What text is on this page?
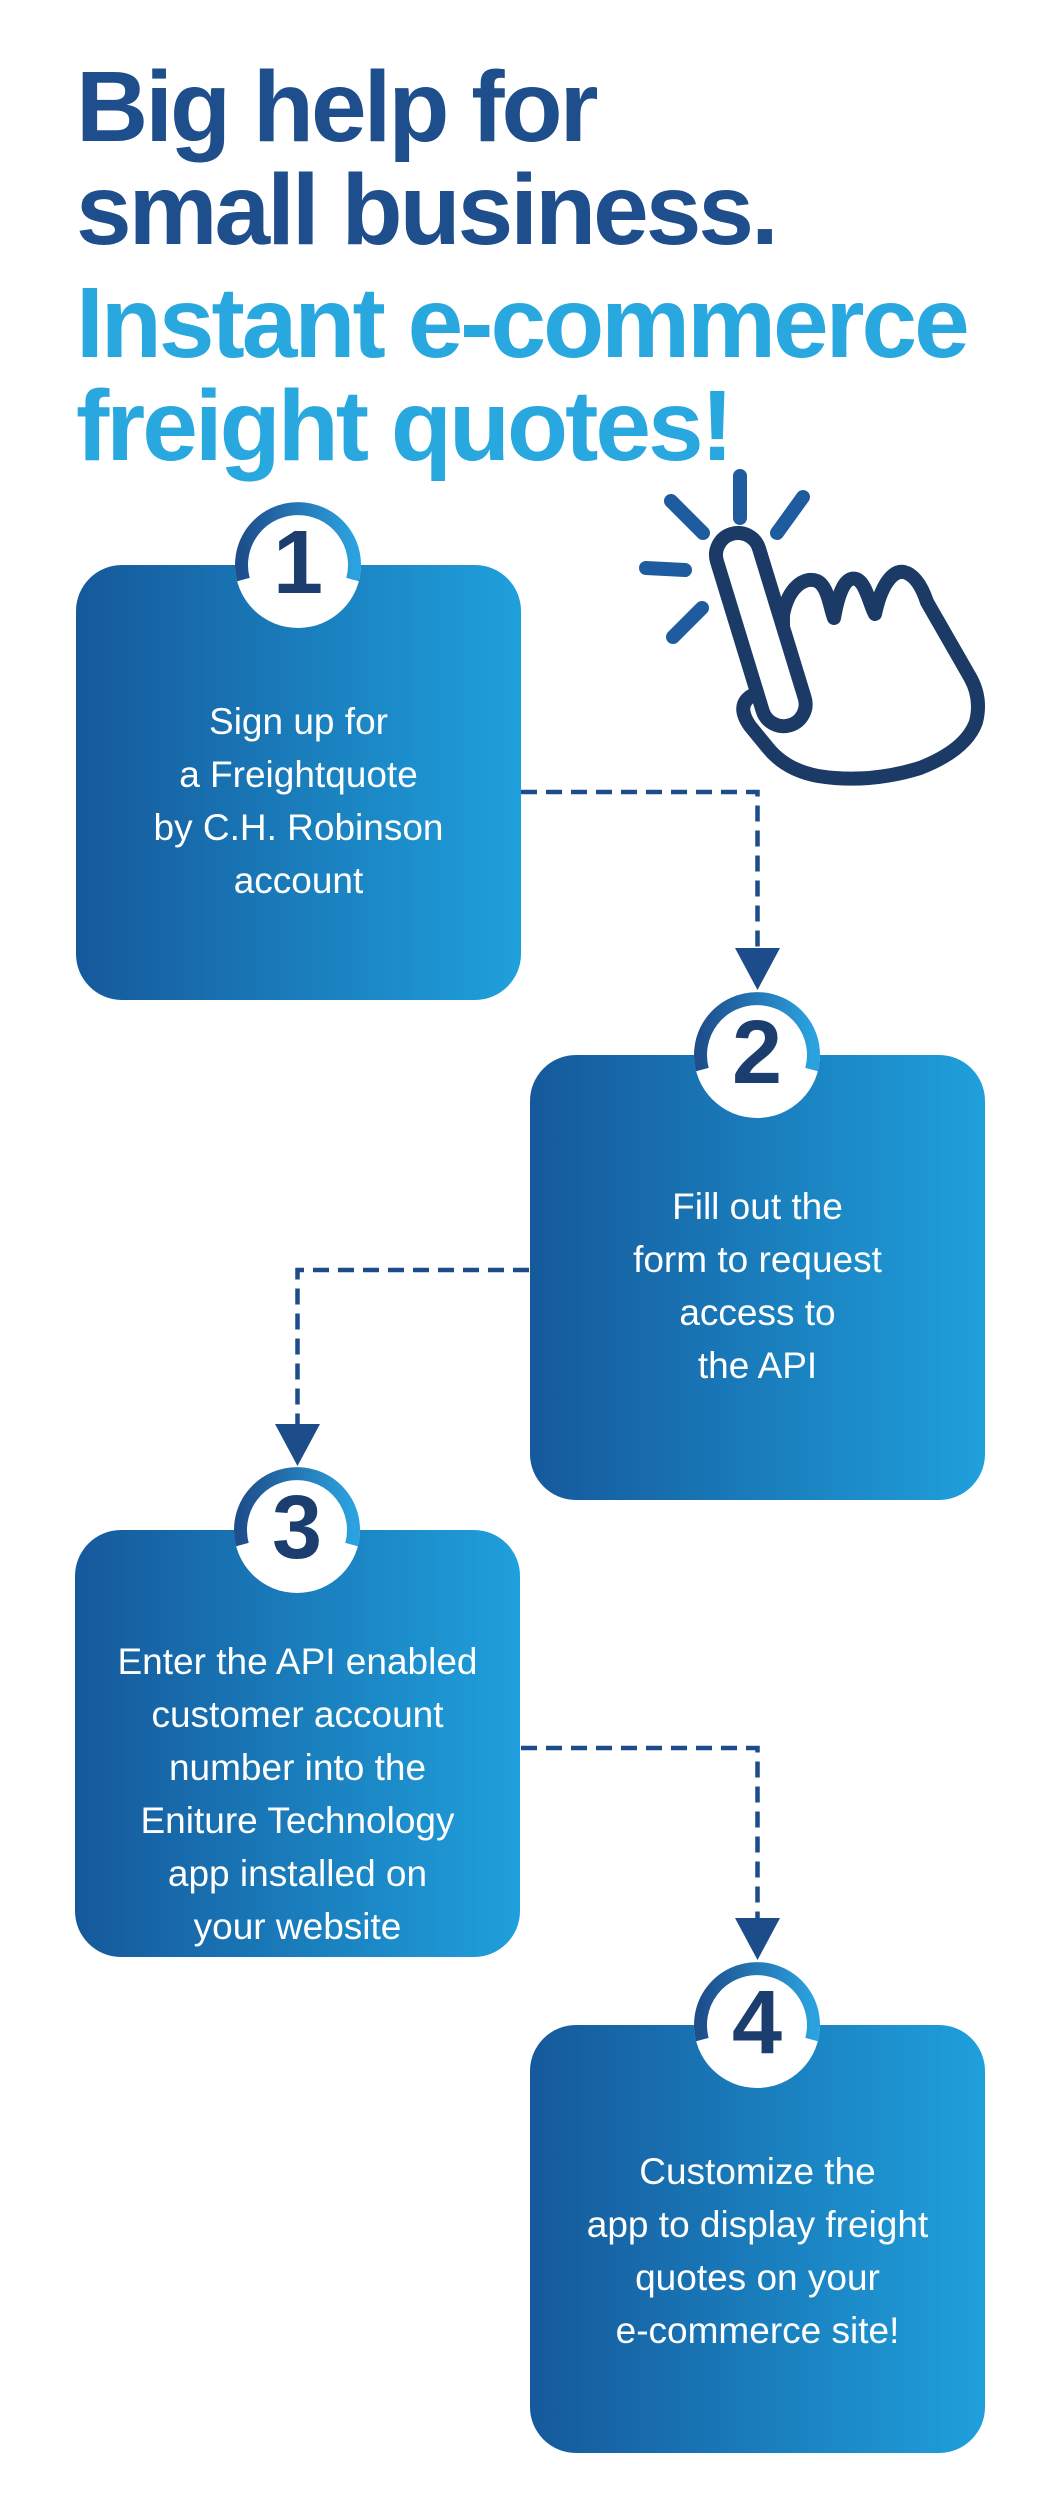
Big help for
small business.
Instant e-commerce
freight quotes!
Sign up for
a Freightquote
by C.H. Robinson
account
Fill out the
form to request
access to
the API
Enter the API enabled
customer account
number into the
Eniture Technology
app installed on
your website
Customize the
app to display freight
quotes on your
e-commerce site!
1
2
3
4
